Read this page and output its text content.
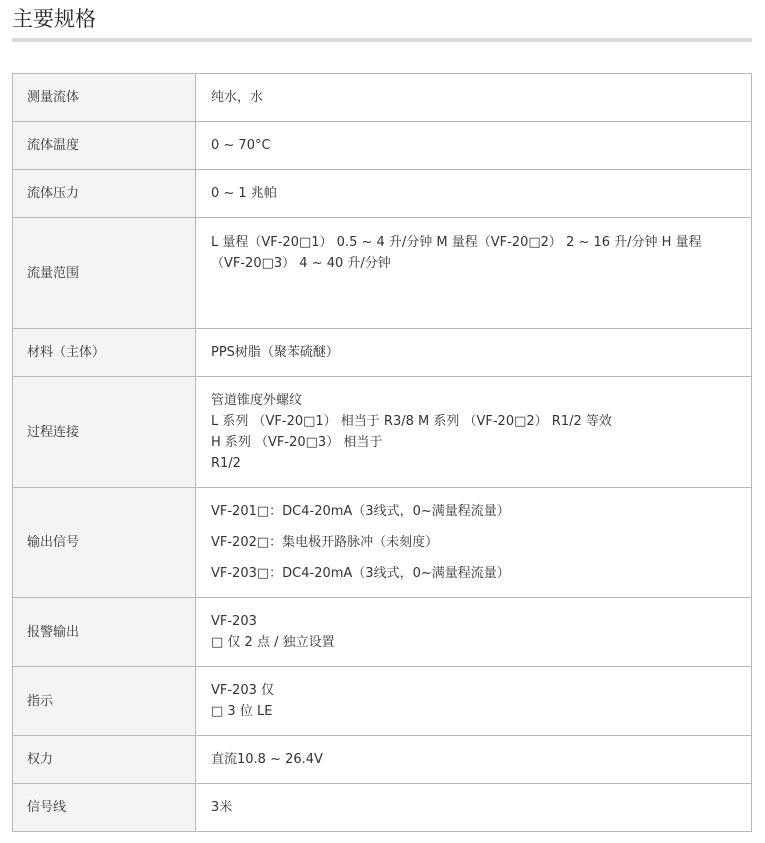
主要规格
测量流体	纯水，水

流体温度	0 ~ 70°C

流体压力	0 ~ 1 兆帕

流量范围	L 量程（VF-20□1） 0.5 ~ 4 升/分钟 M 量程（VF-20□2） 2 ~ 16 升/分钟 H 量程
（VF-20□3） 4 ~ 40 升/分钟

材料（主体）	PPS树脂（聚苯硫醚）

过程连接	管道锥度外螺纹
L 系列 （VF-20□1） 相当于 R3/8 M 系列 （VF-20□2） R1/2 等效
H 系列 （VF-20□3） 相当于
R1/2

输出信号	VF-201□：DC4-20mA（3线式，0~满量程流量）
VF-202□：集电极开路脉冲（未刻度）
VF-203□：DC4-20mA（3线式，0~满量程流量）

报警输出	VF-203
□ 仅 2 点 / 独立设置

指示	VF-203 仅
□ 3 位 LE

权力	直流10.8 ~ 26.4V

信号线	3米
